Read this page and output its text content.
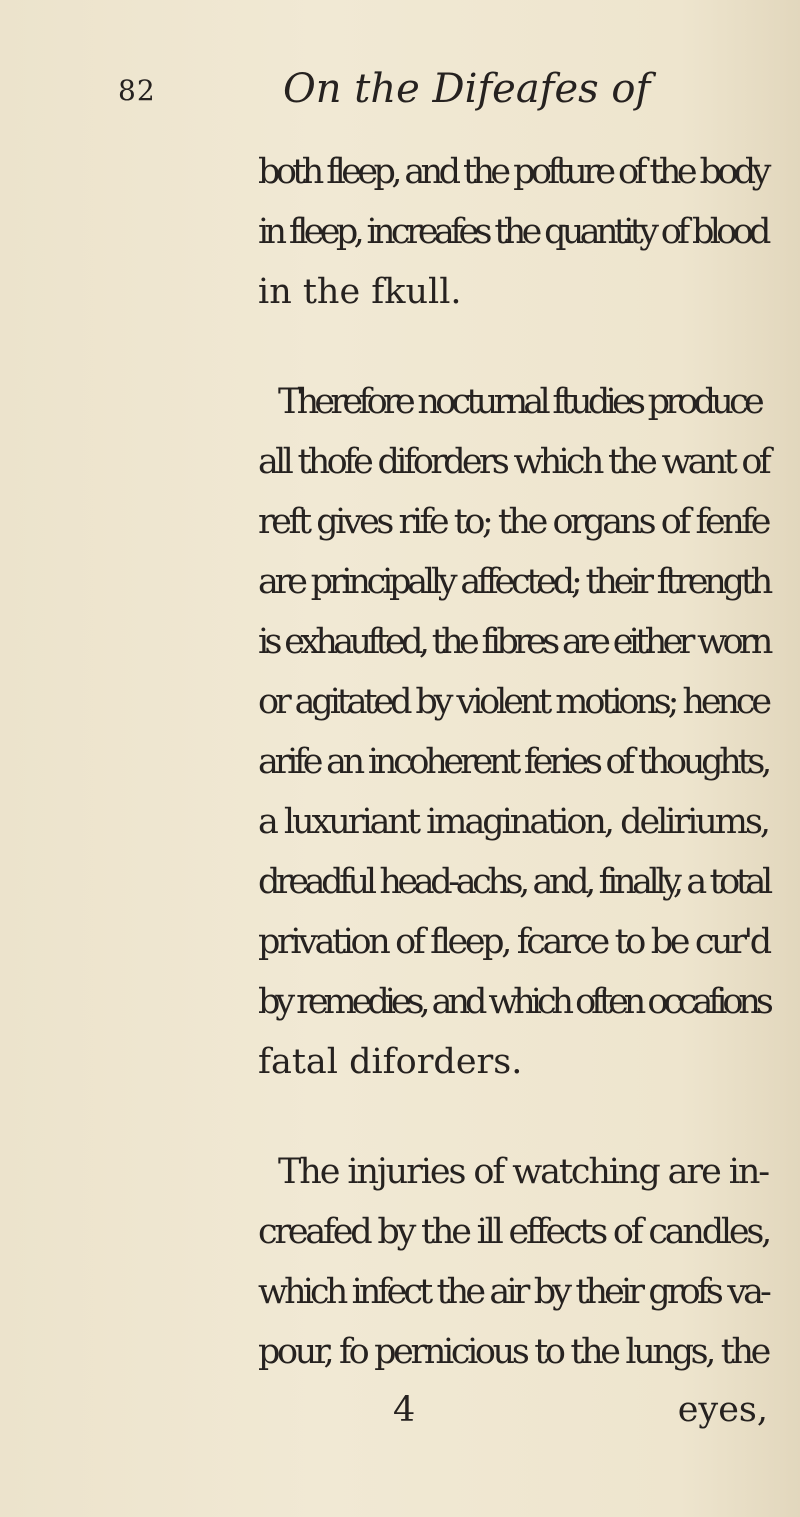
82	On the Difeafes of
both fleep, and the pofture of the body
in fleep, increafes the quantity of blood
in the fkull.
Therefore nocturnal ftudies produce
all thofe diforders which the want of
reft gives rife to; the organs of fenfe
are principally affected; their ftrength
is exhaufted, the fibres are either worn
or agitated by violent motions; hence
arife an incoherent feries of thoughts,
a luxuriant imagination, deliriums,
dreadful head-achs, and, finally, a total
privation of fleep, fcarce to be cur'd
by remedies, and which often occafions
fatal diforders.
The injuries of watching are in-
creafed by the ill effects of candles,
which infect the air by their grofs va-
pour, fo pernicious to the lungs, the
4	eyes,
